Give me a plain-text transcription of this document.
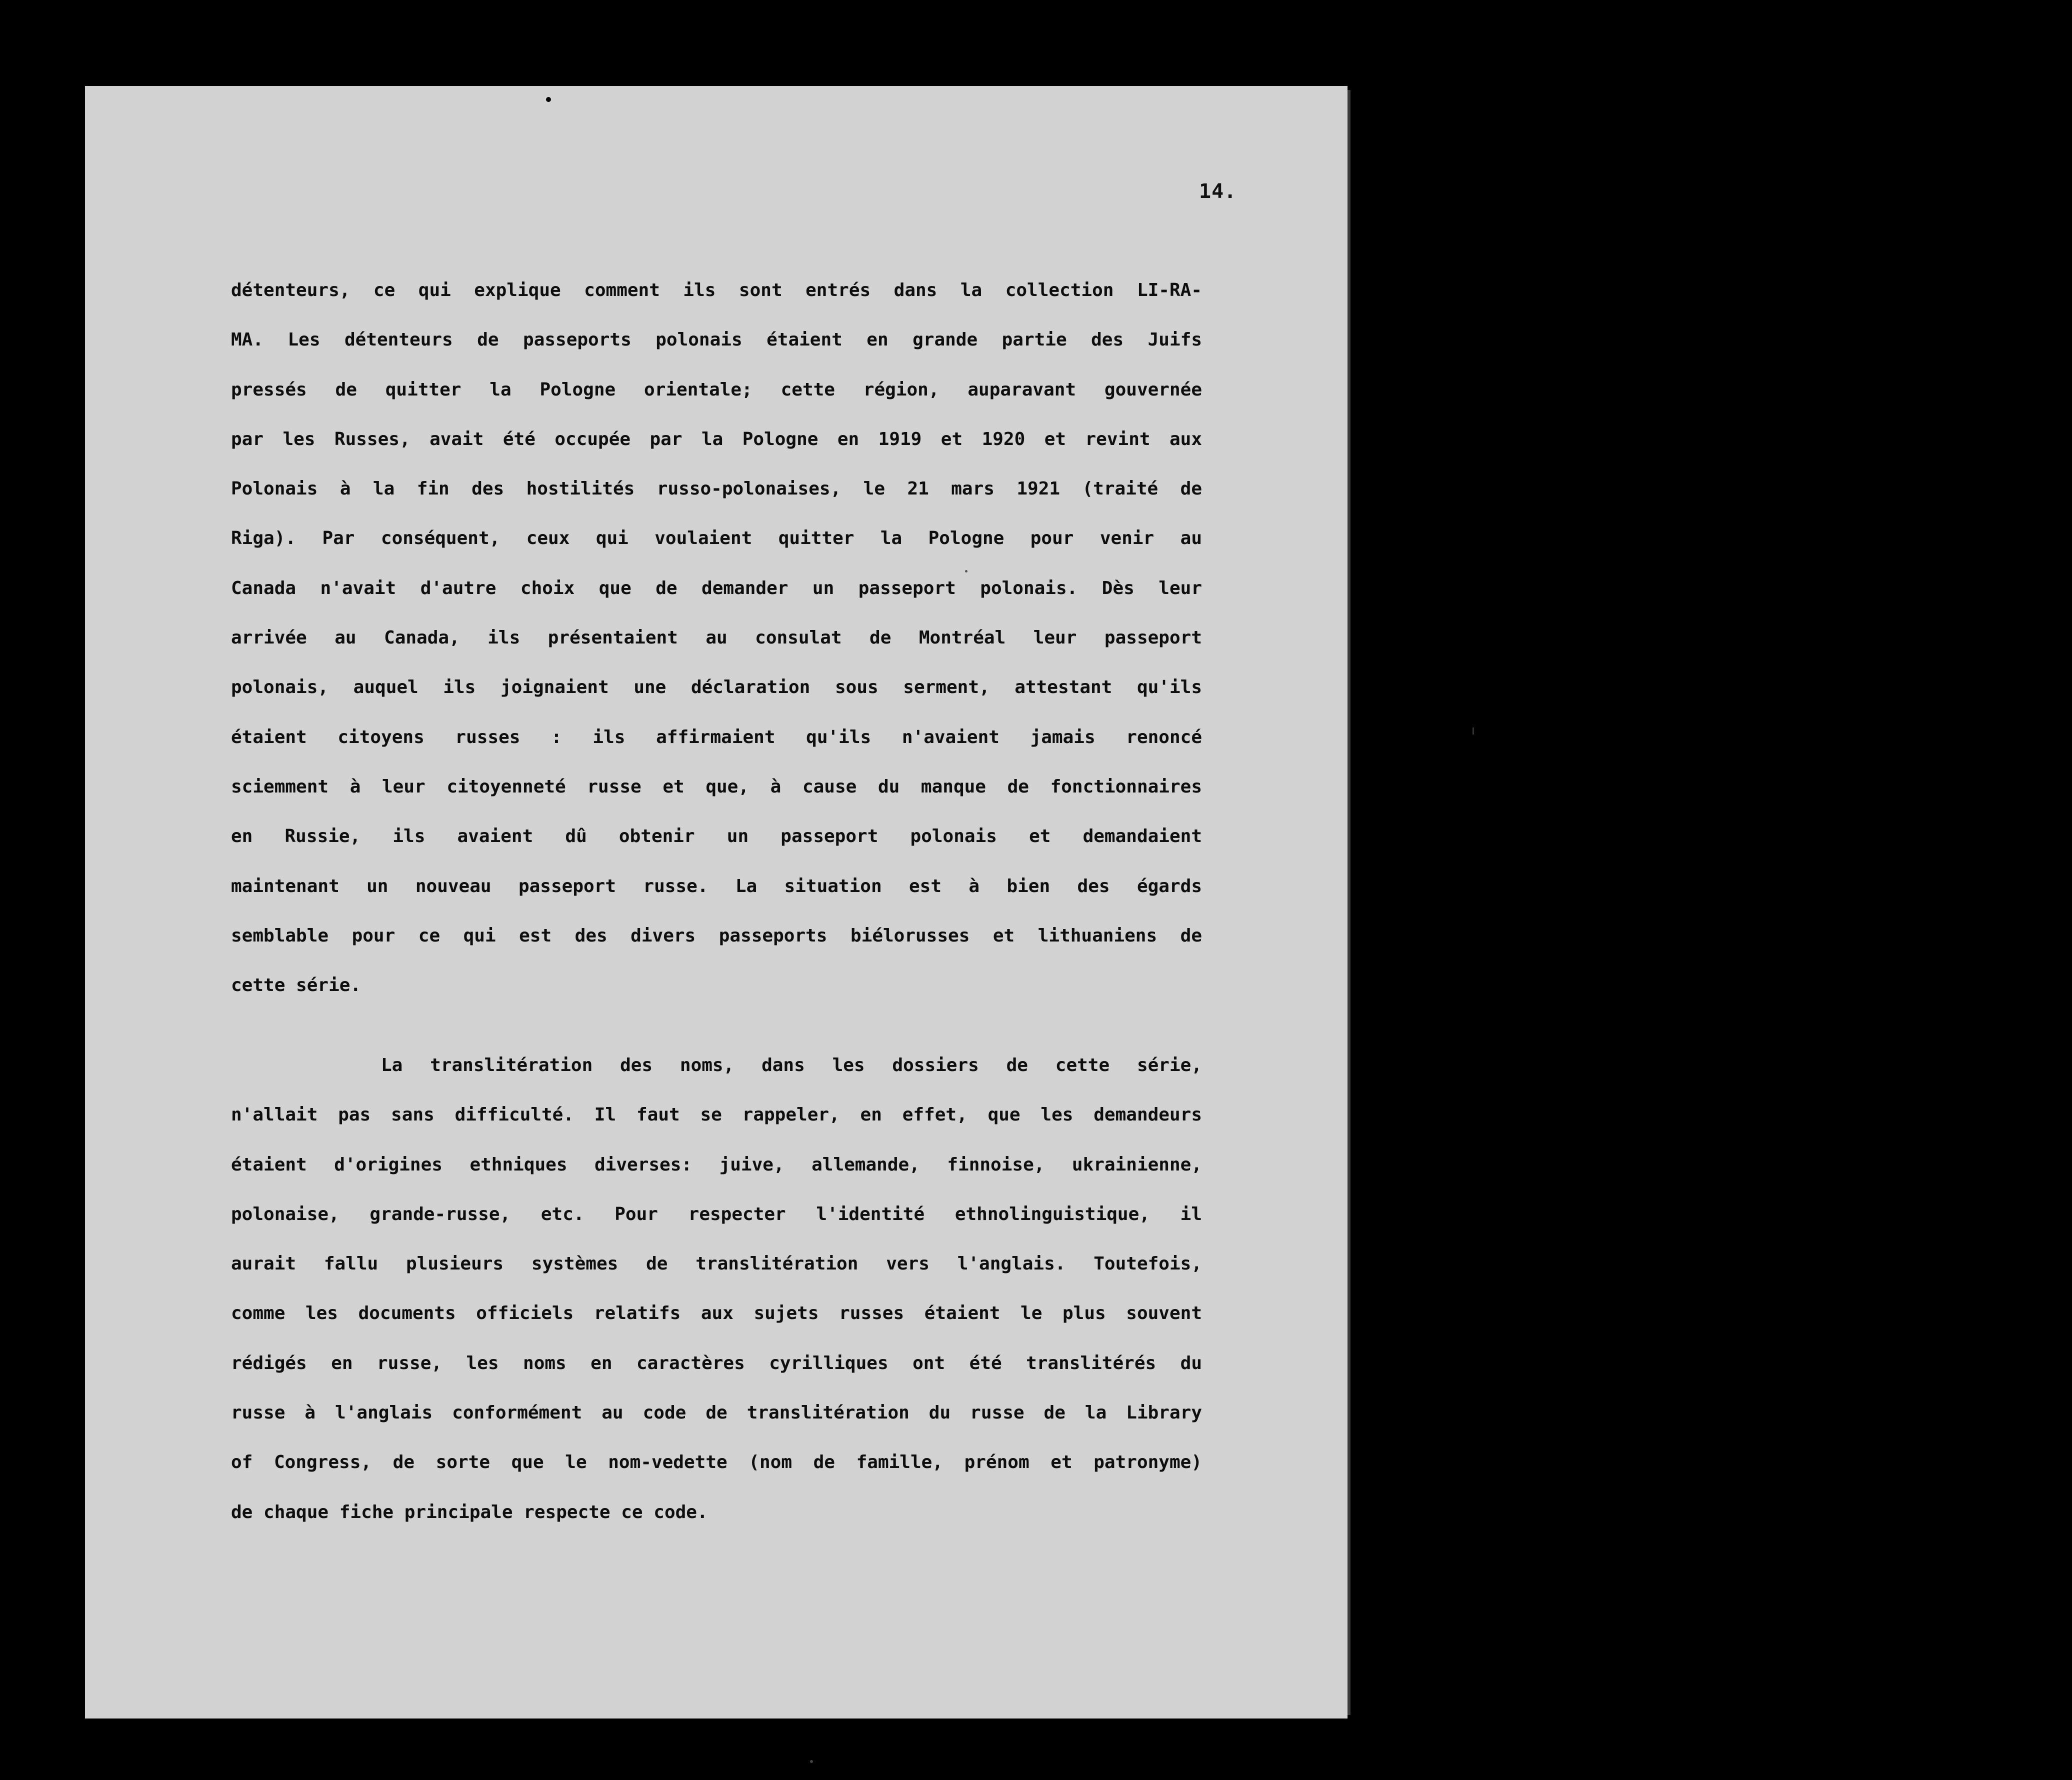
14.
détenteurs, ce qui explique comment ils sont entrés dans la collection LI-RA-
MA. Les détenteurs de passeports polonais étaient en grande partie des Juifs
pressés de quitter la Pologne orientale; cette région, auparavant gouvernée
par les Russes, avait été occupée par la Pologne en 1919 et 1920 et revint aux
Polonais à la fin des hostilités russo-polonaises, le 21 mars 1921 (traité de
Riga). Par conséquent, ceux qui voulaient quitter la Pologne pour venir au
Canada n'avait d'autre choix que de demander un passeport polonais. Dès leur
arrivée au Canada, ils présentaient au consulat de Montréal leur passeport
polonais, auquel ils joignaient une déclaration sous serment, attestant qu'ils
étaient citoyens russes : ils affirmaient qu'ils n'avaient jamais renoncé
sciemment à leur citoyenneté russe et que, à cause du manque de fonctionnaires
en Russie, ils avaient dû obtenir un passeport polonais et demandaient
maintenant un nouveau passeport russe. La situation est à bien des égards
semblable pour ce qui est des divers passeports biélorusses et lithuaniens de
cette série.
La translitération des noms, dans les dossiers de cette série,
n'allait pas sans difficulté. Il faut se rappeler, en effet, que les demandeurs
étaient d'origines ethniques diverses: juive, allemande, finnoise, ukrainienne,
polonaise, grande-russe, etc. Pour respecter l'identité ethnolinguistique, il
aurait fallu plusieurs systèmes de translitération vers l'anglais. Toutefois,
comme les documents officiels relatifs aux sujets russes étaient le plus souvent
rédigés en russe, les noms en caractères cyrilliques ont été translitérés du
russe à l'anglais conformément au code de translitération du russe de la Library
of Congress, de sorte que le nom-vedette (nom de famille, prénom et patronyme)
de chaque fiche principale respecte ce code.
